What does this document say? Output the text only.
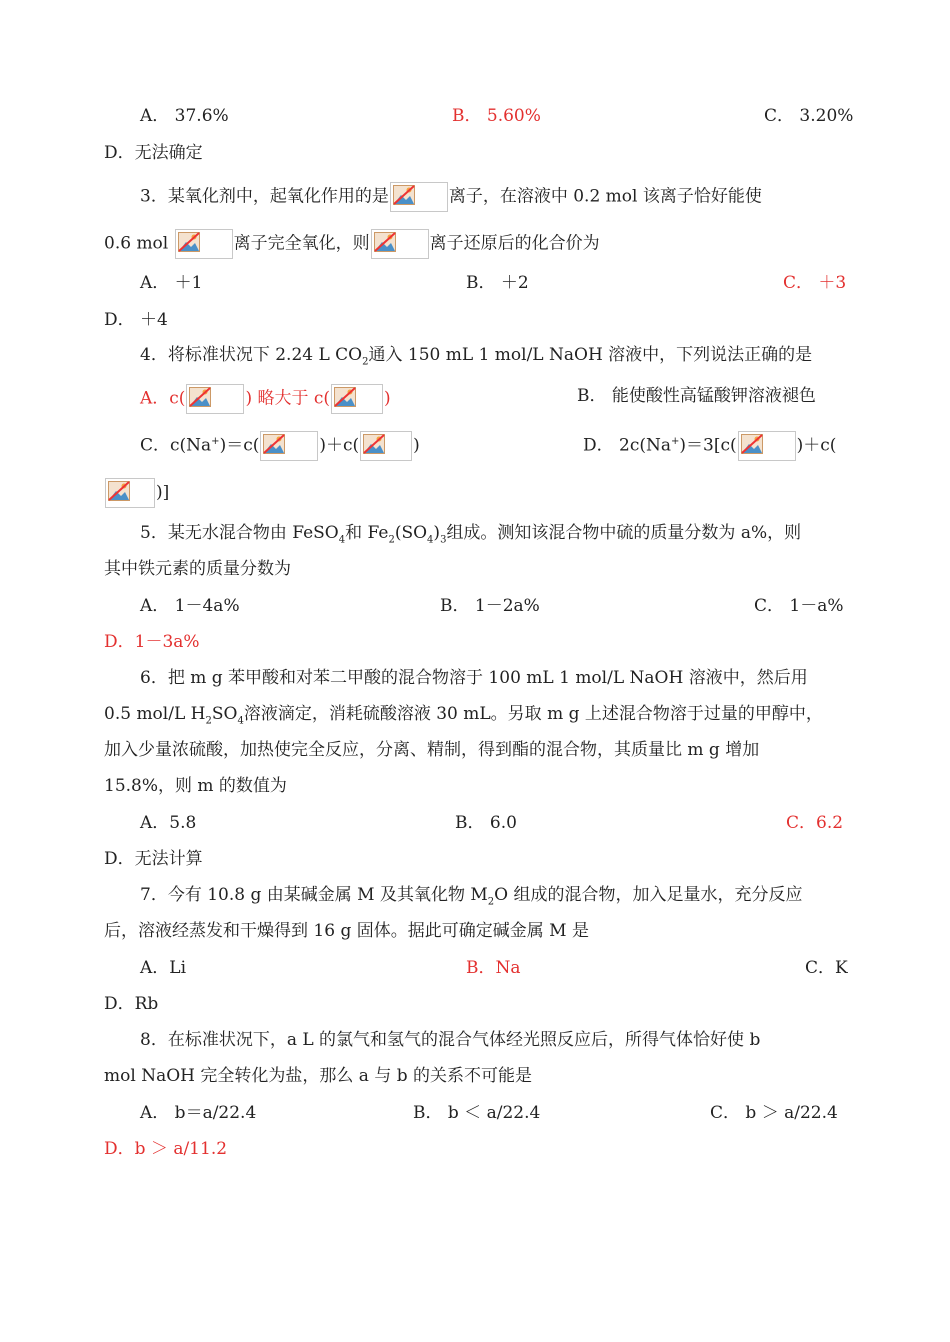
A． 37.6%	B． 5.60%	C． 3.20%
D．无法确定
3．某氧化剂中，起氧化作用的是	离子，在溶液中 0.2 mol 该离子恰好能使
0.6 mol	离子完全氧化，则	离子还原后的化合价为
A． ＋1	B． ＋2	C． ＋3
D． ＋4
4．将标准状况下 2.24 L $CO_2$通入 150 mL 1 mol/L NaOH 溶液中，下列说法正确的是
A．c(	) 略大于 c(	)	B． 能使酸性高锰酸钾溶液褪色
C．c(Na+)＝c(	)＋c(	)	D． 2c(Na+)＝3[c(	)＋c(
)]
5．某无水混合物由 FeSO$_4$和 $Fe_2(SO_4)_3$组成。测知该混合物中硫的质量分数为 a%，则
其中铁元素的质量分数为
A． 1－4a%	B． 1－2a%	C． 1－a%
D．1－3a%
6．把 m g 苯甲酸和对苯二甲酸的混合物溶于 100 mL 1 mol/L NaOH 溶液中，然后用
0.5 mol/L $H_2SO_4$溶液滴定，消耗硫酸溶液 30 mL。另取 m g 上述混合物溶于过量的甲醇中，
加入少量浓硫酸，加热使完全反应，分离、精制，得到酯的混合物，其质量比 m g 增加
15.8%，则 m 的数值为
A．5.8	B． 6.0	C．6.2
D．无法计算
7．今有 10.8 g 由某碱金属 M 及其氧化物 $M_2O$ 组成的混合物，加入足量水，充分反应
后，溶液经蒸发和干燥得到 16 g 固体。据此可确定碱金属 M 是
A．Li	B．Na	C．K
D．Rb
8．在标准状况下，a L 的氯气和氢气的混合气体经光照反应后，所得气体恰好使 b
mol NaOH 完全转化为盐，那么 a 与 b 的关系不可能是
A． b＝a/22.4	B． b ＜ a/22.4	C． b ＞ a/22.4
D．b ＞ a/11.2
